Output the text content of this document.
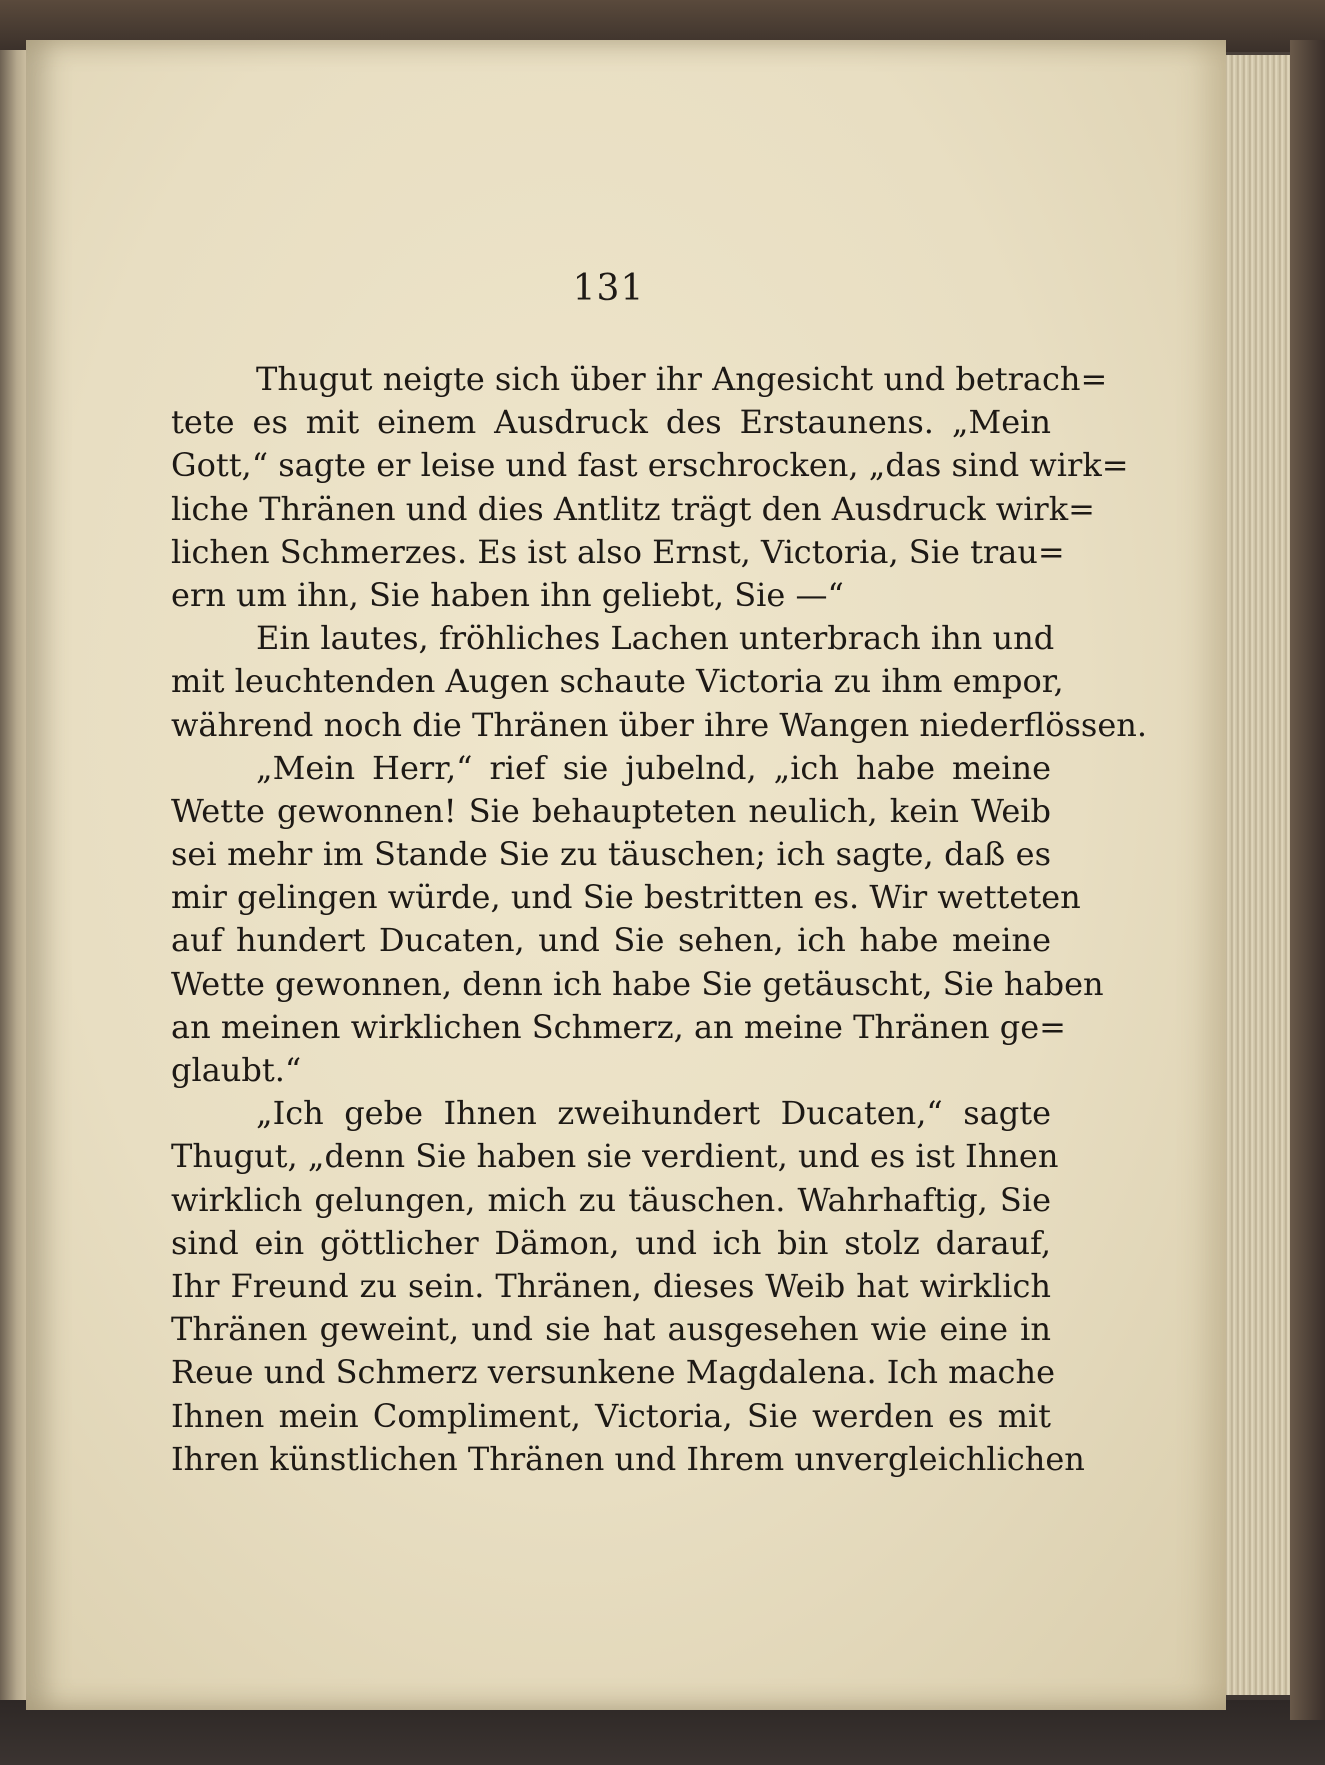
131
Thugut neigte sich über ihr Angesicht und betrach=
tete es mit einem Ausdruck des Erstaunens. „Mein
Gott,“ sagte er leise und fast erschrocken, „das sind wirk=
liche Thränen und dies Antlitz trägt den Ausdruck wirk=
lichen Schmerzes. Es ist also Ernst, Victoria, Sie trau=
ern um ihn, Sie haben ihn geliebt, Sie —“
Ein lautes, fröhliches Lachen unterbrach ihn und
mit leuchtenden Augen schaute Victoria zu ihm empor,
während noch die Thränen über ihre Wangen niederflössen.
„Mein Herr,“ rief sie jubelnd, „ich habe meine
Wette gewonnen! Sie behaupteten neulich, kein Weib
sei mehr im Stande Sie zu täuschen; ich sagte, daß es
mir gelingen würde, und Sie bestritten es. Wir wetteten
auf hundert Ducaten, und Sie sehen, ich habe meine
Wette gewonnen, denn ich habe Sie getäuscht, Sie haben
an meinen wirklichen Schmerz, an meine Thränen ge=
glaubt.“
„Ich gebe Ihnen zweihundert Ducaten,“ sagte
Thugut, „denn Sie haben sie verdient, und es ist Ihnen
wirklich gelungen, mich zu täuschen. Wahrhaftig, Sie
sind ein göttlicher Dämon, und ich bin stolz darauf,
Ihr Freund zu sein. Thränen, dieses Weib hat wirklich
Thränen geweint, und sie hat ausgesehen wie eine in
Reue und Schmerz versunkene Magdalena. Ich mache
Ihnen mein Compliment, Victoria, Sie werden es mit
Ihren künstlichen Thränen und Ihrem unvergleichlichen
